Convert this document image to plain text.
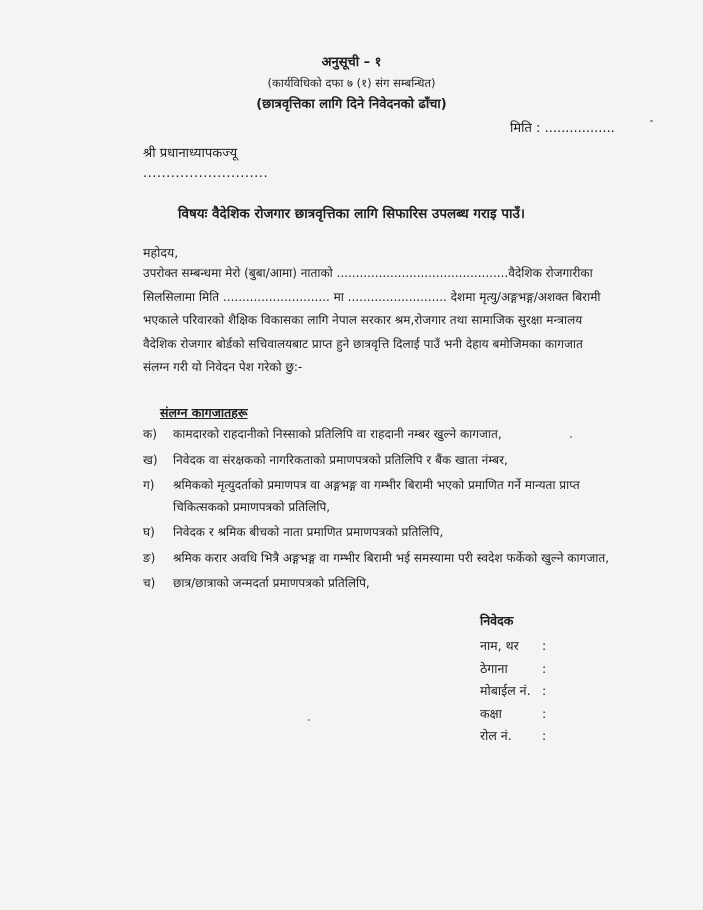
अनुसूची – १
(कार्यविधिको दफा ७ (१) संग सम्बन्धित)
(छात्रवृत्तिका लागि दिने निवेदनको ढाँचा)
मिति : .................
श्री प्रधानाध्यापकज्यू
...........................
विषयः वैदेशिक रोजगार छात्रवृत्तिका लागि सिफारिस उपलब्ध गराइ पाउँ।
महोदय,
उपरोक्त सम्बन्धमा मेरो (बुबा/आमा) नाताको .............................................वैदेशिक रोजगारीका
सिलसिलामा मिति ............................ मा .......................... देशमा मृत्यु/अङ्गभङ्ग/अशक्त बिरामी
भएकाले परिवारको शैक्षिक विकासका लागि नेपाल सरकार श्रम,रोजगार तथा सामाजिक सुरक्षा मन्त्रालय
वैदेशिक रोजगार बोर्डको सचिवालयबाट प्राप्त हुने छात्रवृत्ति दिलाई पाउँ भनी देहाय बमोजिमका कागजात
संलग्न गरी यो निवेदन पेश गरेको छु:-
संलग्न कागजातहरू
क)	कामदारको राहदानीको निस्साको प्रतिलिपि वा राहदानी नम्बर खुल्ने कागजात,
ख)	निवेदक वा संरक्षकको नागरिकताको प्रमाणपत्रको प्रतिलिपि र बैंक खाता नंम्बर,
ग)	श्रमिकको मृत्युदर्ताको प्रमाणपत्र वा अङ्गभङ्ग वा गम्भीर बिरामी भएको प्रमाणित गर्ने मान्यता प्राप्त चिकित्सकको प्रमाणपत्रको प्रतिलिपि,
घ)	निवेदक र श्रमिक बीचको नाता प्रमाणित प्रमाणपत्रको प्रतिलिपि,
ङ)	श्रमिक करार अवधि भित्रै अङ्गभङ्ग वा गम्भीर बिरामी भई समस्यामा परी स्वदेश फर्केको खुल्ने कागजात,
च)	छात्र/छात्राको जन्मदर्ता प्रमाणपत्रको प्रतिलिपि,
निवेदक
नाम, थर	:
ठेगाना	:
मोबाईल नं. :
कक्षा	:
रोल नं.	:
